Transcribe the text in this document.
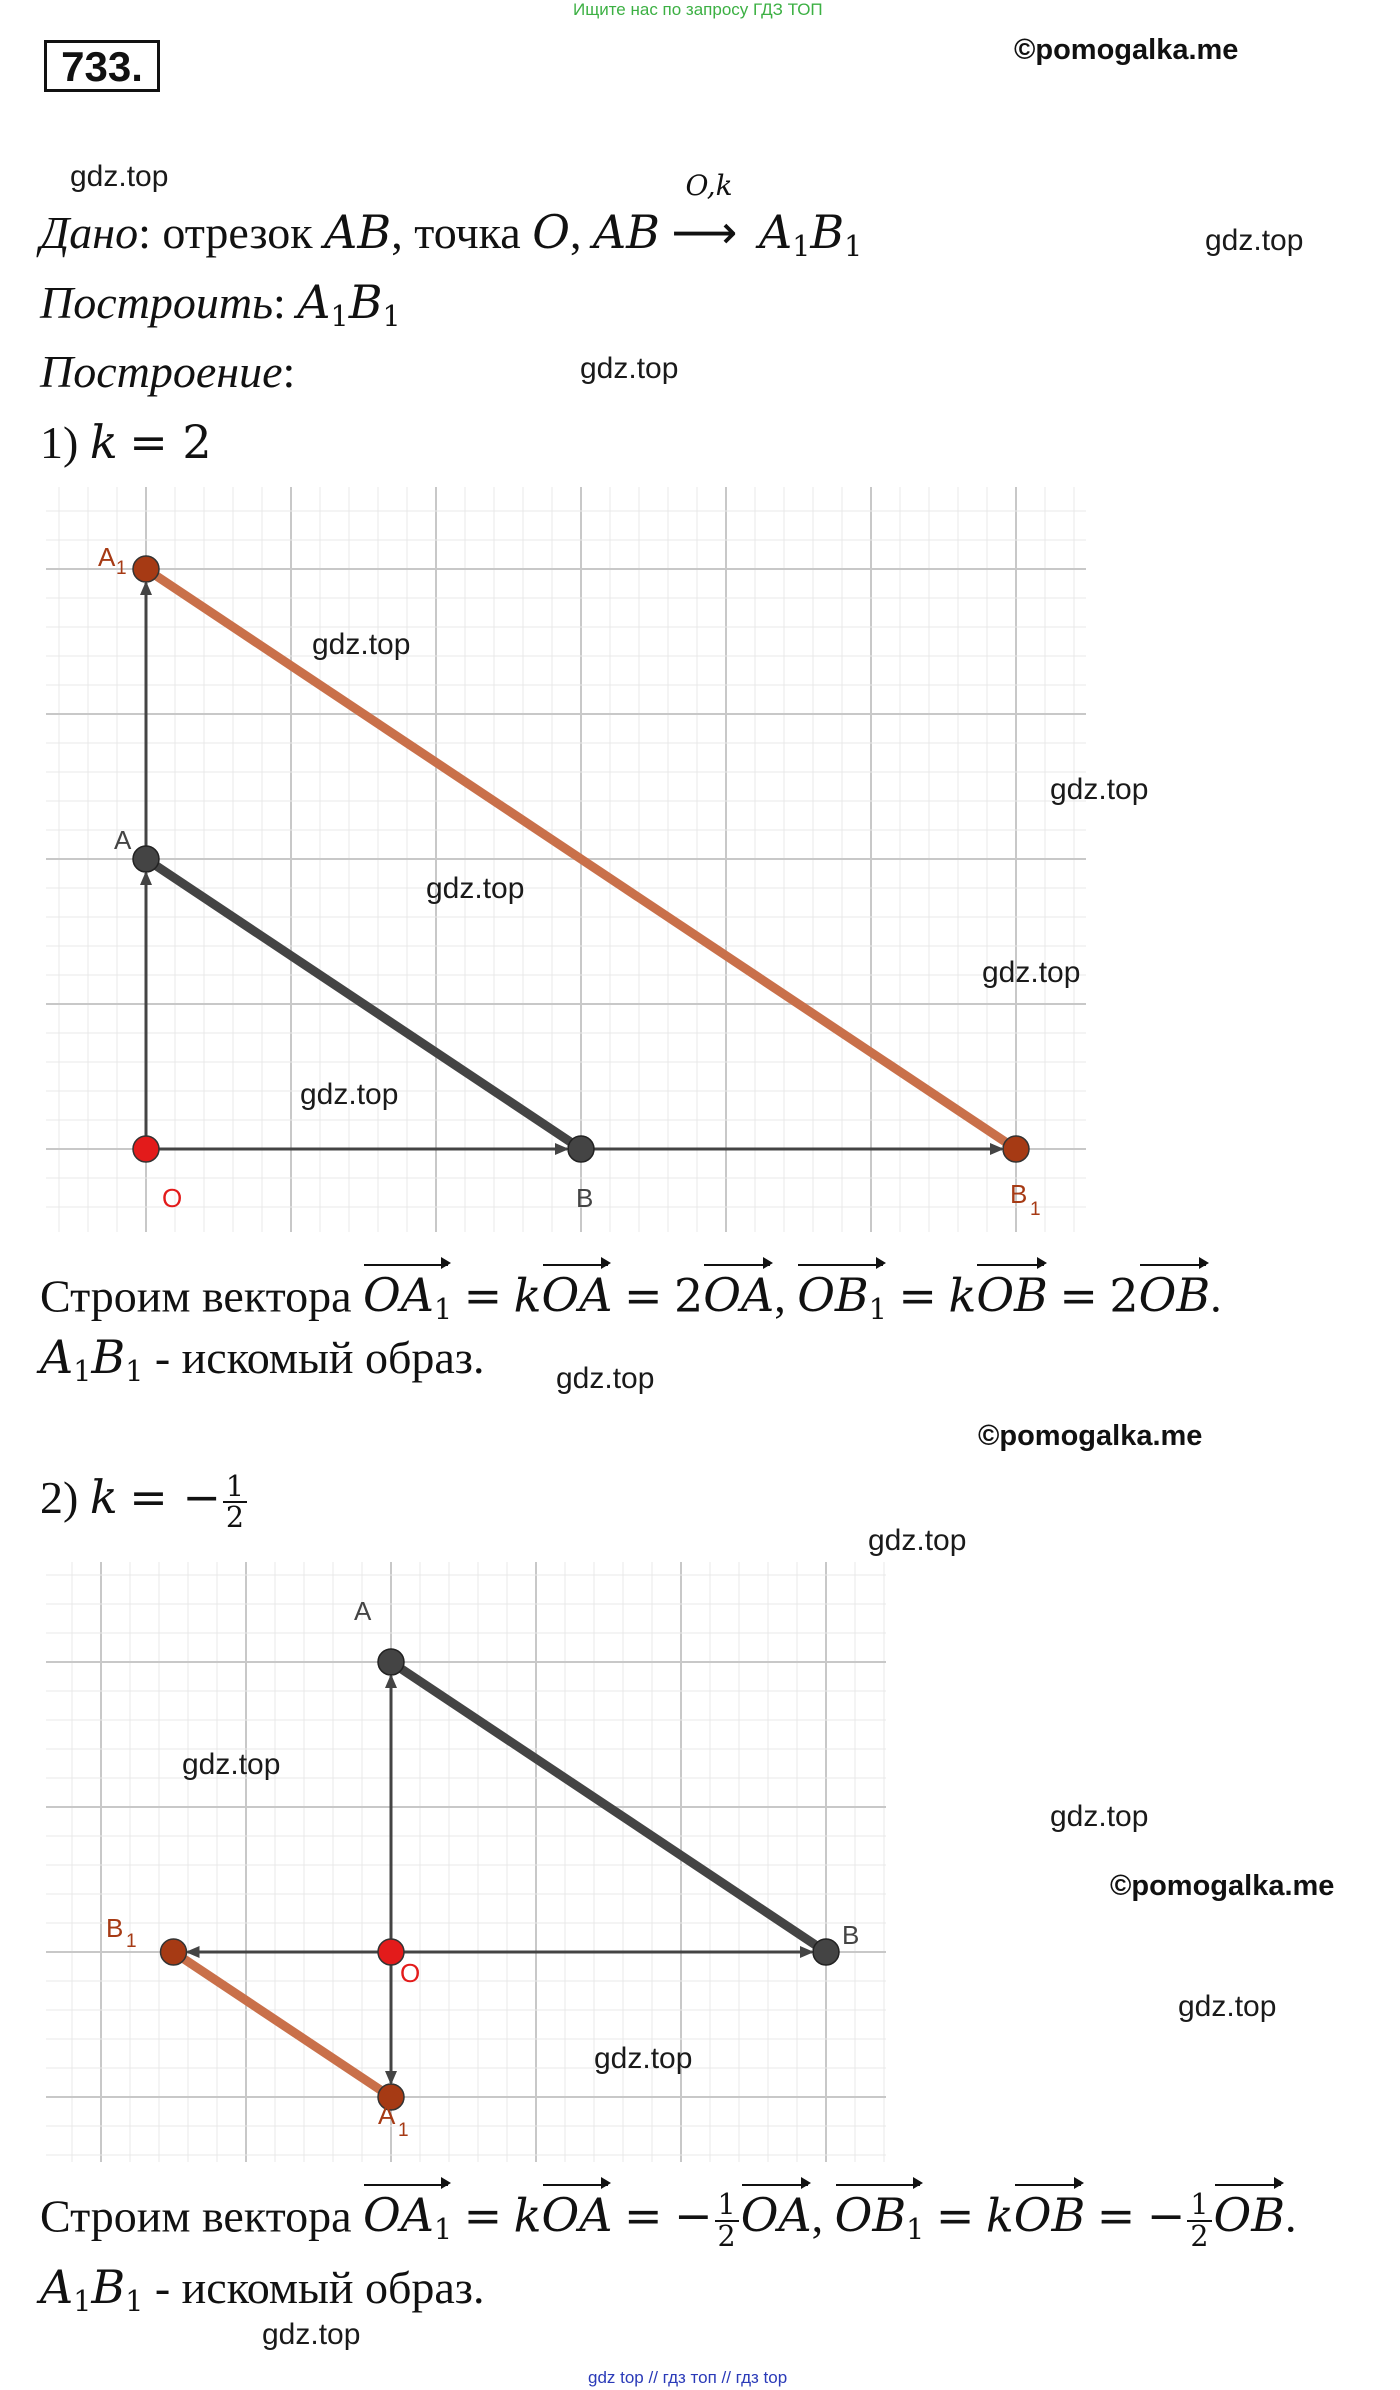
Ищите нас по запросу ГДЗ ТОП
733.	©pomogalka.me
gdz.top
gdz.top
gdz.top
Дано: отрезок AB, точка O, AB
O,k
⟶ $A_1B_1$
Построить: $A_1B_1$
Построение:
1) k = 2
A 1
A
O	B	B
1
gdz.top
gdz.top
gdz.top
gdz.top
gdz.top
Строим вектора $OA_1$ = kOA = 2OA, $OB_1$ = kOB = 2OB.
$A_1B_1$ - искомый образ. gdz.top
©pomogalka.me
2) k = − $\frac{1}{2}$
gdz.top
A
B
O
B 1
A
1
gdz.top
gdz.top
©pomogalka.me
gdz.top
gdz.top
Строим вектора $OA_1$ = kOA = − $\frac{1}{2}$ OA, $OB_1$ = kOB = − $\frac{1}{2}$ OB.
$A_1B_1$ - искомый образ.
gdz.top
gdz top // гдз топ // гдз top
